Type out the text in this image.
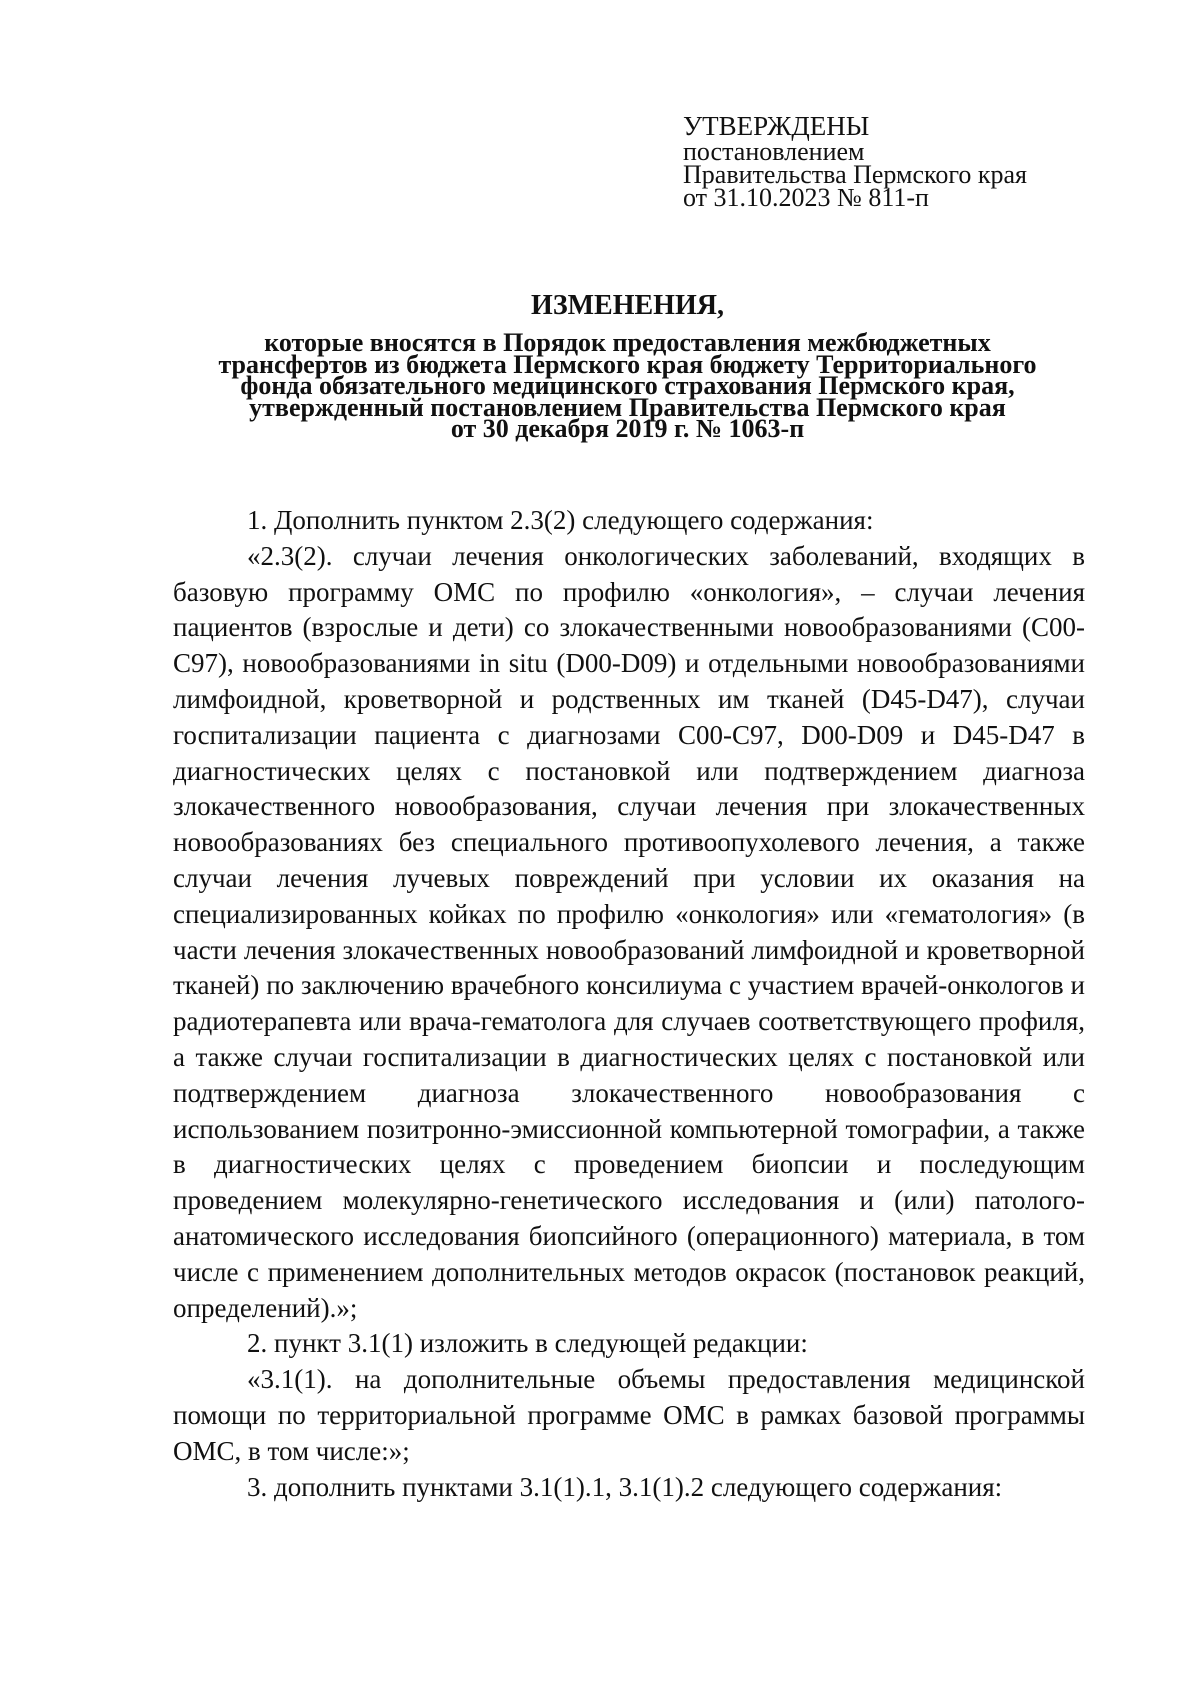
УТВЕРЖДЕНЫ
постановлением
Правительства Пермского края
от 31.10.2023 № 811-п
ИЗМЕНЕНИЯ,
которые вносятся в Порядок предоставления межбюджетных
трансфертов из бюджета Пермского края бюджету Территориального
фонда обязательного медицинского страхования Пермского края,
утвержденный постановлением Правительства Пермского края
от 30 декабря 2019 г. № 1063-п

1. Дополнить пунктом 2.3(2) следующего содержания:

«2.3(2). случаи лечения онкологических заболеваний, входящих в базовую программу ОМС по профилю «онкология», – случаи лечения пациентов (взрослые и дети) со злокачественными новообразованиями (С00-С97), новообразованиями in situ (D00-D09) и отдельными новообразованиями лимфоидной, кроветворной и родственных им тканей (D45-D47), случаи госпитализации пациента с диагнозами С00-С97, D00-D09 и D45-D47 в диагностических целях с постановкой или подтверждением диагноза злокачественного новообразования, случаи лечения при злокачественных новообразованиях без специального противоопухолевого лечения, а также случаи лечения лучевых повреждений при условии их оказания на специализированных койках по профилю «онкология» или «гематология» (в части лечения злокачественных новообразований лимфоидной и кроветворной тканей) по заключению врачебного консилиума с участием врачей-онкологов и радиотерапевта или врача-гематолога для случаев соответствующего профиля, а также случаи госпитализации в диагностических целях с постановкой или подтверждением диагноза злокачественного новообразования с использованием позитронно-эмиссионной компьютерной томографии, а также в диагностических целях с проведением биопсии и последующим проведением молекулярно-генетического исследования и (или) патолого-анатомического исследования биопсийного (операционного) материала, в том числе с применением дополнительных методов окрасок (постановок реакций, определений).»;

2. пункт 3.1(1) изложить в следующей редакции:

«3.1(1). на дополнительные объемы предоставления медицинской помощи по территориальной программе ОМС в рамках базовой программы ОМС, в том числе:»;

3. дополнить пунктами 3.1(1).1, 3.1(1).2 следующего содержания:
